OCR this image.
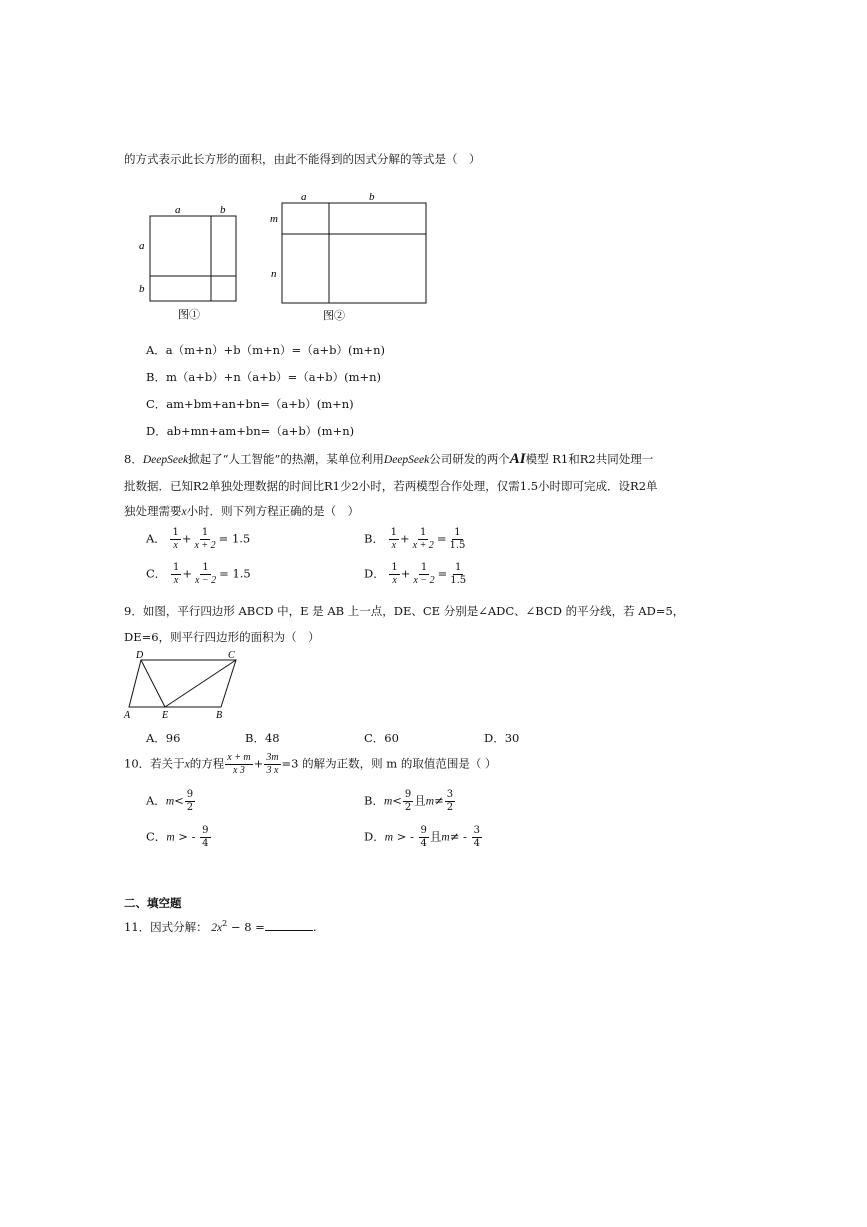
的方式表示此长方形的面积，由此不能得到的因式分解的等式是（　）
a	b
a
b
图①
a	b
m
n
图②
A．a（m+n）+b（m+n）=（a+b）(m+n)
B．m（a+b）+n（a+b）=（a+b）(m+n)
C．am+bm+an+bn=（a+b）(m+n)
D．ab+mn+am+bn=（a+b）(m+n)
8．DeepSeek掀起了“人工智能”的热潮，某单位利用DeepSeek公司研发的两个AI模型 R1和R2共同处理一
批数据．已知R2单独处理数据的时间比R1少2小时，若两模型合作处理，仅需1.5小时即可完成．设R2单
独处理需要x小时．则下列方程正确的是（　）
A． $\frac{1}{x} + \frac{1}{x + 2} = 1.5$	B． $\frac{1}{x} + \frac{1}{x + 2} = \frac{1}{1.5}$
C． $\frac{1}{x} + \frac{1}{x - 2} = 1.5$	D． $\frac{1}{x} + \frac{1}{x - 2} = \frac{1}{1.5}$
9．如图，平行四边形 ABCD 中，E 是 AB 上一点，DE、CE 分别是∠ADC、∠BCD 的平分线，若 AD=5，
DE=6，则平行四边形的面积为（　）
D	C
A	E	B
A．96	B．48	C．60	D．30
10．若关于x的方程 $\frac{x + m}{x 3} + \frac{3m}{3 x} =3$ 的解为正数，则 m 的取值范围是（ ）
A．$m< \frac{9}{2}$	B．$m< \frac{9}{2}$ 且$m\ne \frac{3}{2}$
C．m > - $\frac{9}{4}$	D．m > - $\frac{9}{4}$ 且$m\ne - \frac{3}{4}$
二、填空题
11．因式分解： $2x^2 - 8$ =	.
